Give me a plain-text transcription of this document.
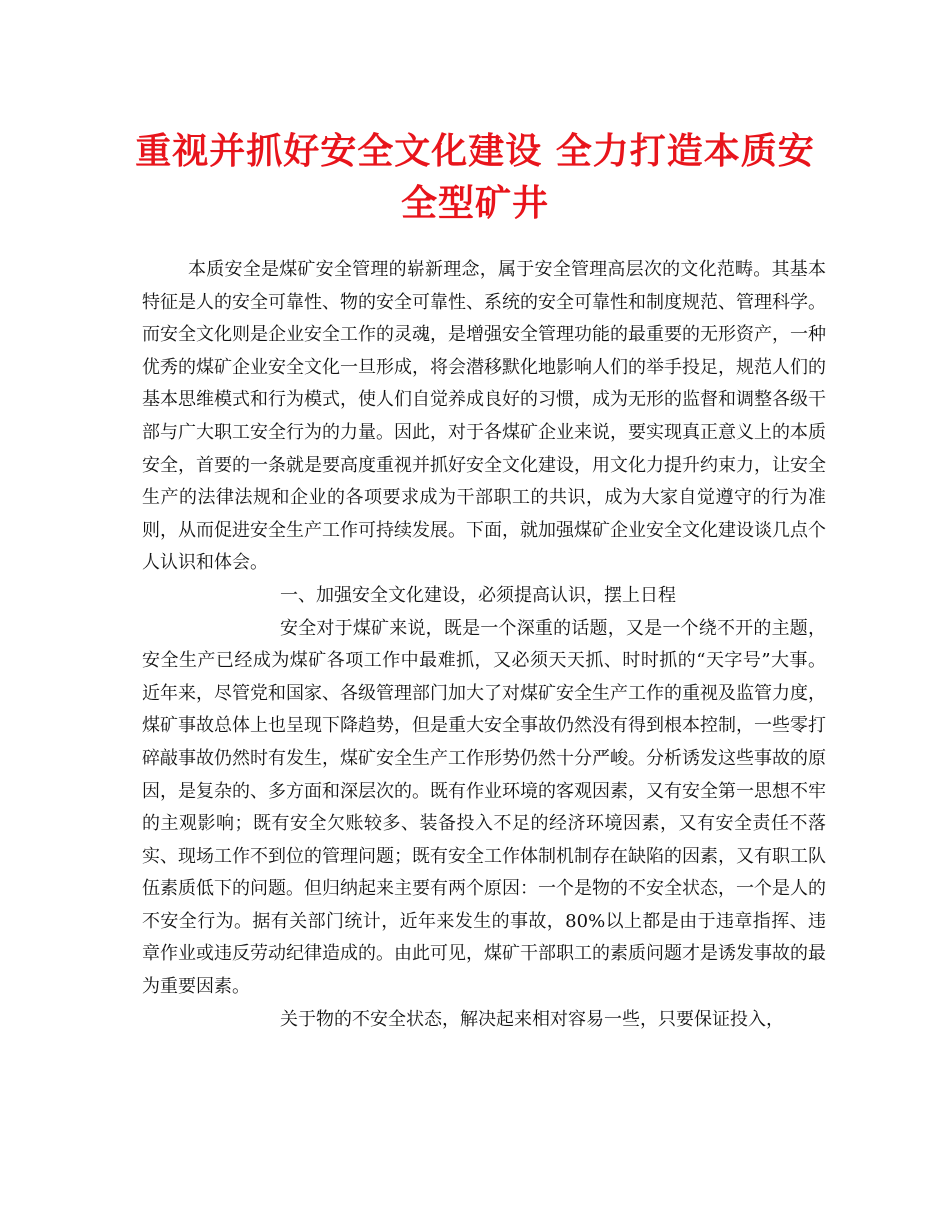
重视并抓好安全文化建设 全力打造本质安全型矿井

本质安全是煤矿安全管理的崭新理念，属于安全管理高层次的文化范畴。其基本特征是人的安全可靠性、物的安全可靠性、系统的安全可靠性和制度规范、管理科学。而安全文化则是企业安全工作的灵魂，是增强安全管理功能的最重要的无形资产，一种优秀的煤矿企业安全文化一旦形成，将会潜移默化地影响人们的举手投足，规范人们的基本思维模式和行为模式，使人们自觉养成良好的习惯，成为无形的监督和调整各级干部与广大职工安全行为的力量。因此，对于各煤矿企业来说，要实现真正意义上的本质安全，首要的一条就是要高度重视并抓好安全文化建设，用文化力提升约束力，让安全生产的法律法规和企业的各项要求成为干部职工的共识，成为大家自觉遵守的行为准则，从而促进安全生产工作可持续发展。下面，就加强煤矿企业安全文化建设谈几点个人认识和体会。

一、加强安全文化建设，必须提高认识，摆上日程

安全对于煤矿来说，既是一个深重的话题，又是一个绕不开的主题，安全生产已经成为煤矿各项工作中最难抓，又必须天天抓、时时抓的“天字号”大事。近年来，尽管党和国家、各级管理部门加大了对煤矿安全生产工作的重视及监管力度，煤矿事故总体上也呈现下降趋势，但是重大安全事故仍然没有得到根本控制，一些零打碎敲事故仍然时有发生，煤矿安全生产工作形势仍然十分严峻。分析诱发这些事故的原因，是复杂的、多方面和深层次的。既有作业环境的客观因素，又有安全第一思想不牢的主观影响；既有安全欠账较多、装备投入不足的经济环境因素，又有安全责任不落实、现场工作不到位的管理问题；既有安全工作体制机制存在缺陷的因素，又有职工队伍素质低下的问题。但归纳起来主要有两个原因：一个是物的不安全状态，一个是人的不安全行为。据有关部门统计，近年来发生的事故，80%以上都是由于违章指挥、违章作业或违反劳动纪律造成的。由此可见，煤矿干部职工的素质问题才是诱发事故的最为重要因素。

关于物的不安全状态，解决起来相对容易一些，只要保证投入，
